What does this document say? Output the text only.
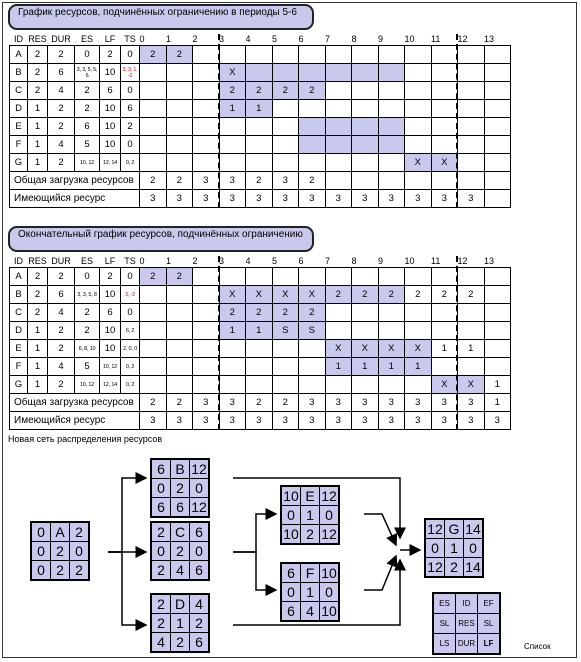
График ресурсов, подчинённых ограничению в периоды 5-6
ID	RES	DUR	ES	LF	TS	0	1	2	3	4	5	6	7	8	9	10	11	12	13
A	2	2	0	2	0	2	2												
B	2	6	3, 3, 5, 5, 6	10	3, 3, 1, -2				X										
C	2	4	2	6	0				2	2	2	2							
D	1	2	2	10	6				1	1									
E	1	2	6	10	2														
F	1	4	5	10	0														
G	1	2	10, 12	12, 14	0, 2											X	X		
Общая загрузка ресурсов						2	2	3	3	2	3	2							
Имеющийся ресурс						3	3	3	3	3	3	3	3	3	3	3	3	3	
Окончательный график ресурсов, подчинённых ограничению
ID	RES	DUR	ES	LF	TS	0	1	2	3	4	5	6	7	8	9	10	11	12	13
A	2	2	0	2	0	2	2												
B	2	6	3, 3, 5, 8	10	3, -2				X	X	X	X	2	2	2	2	2	2	
C	2	4	2	6	0				2	2	2	2							
D	1	2	2	10	6, 2				1	1	S	S							
E	1	2	6, 8, 10	10	2, 0, 0								X	X	X	X	1	1	
F	1	4	5	10, 12	0, 2								1	1	1	1			
G	1	2	10, 12	12, 14	0, 2												X	X	1
Общая загрузка ресурсов						2	2	3	3	2	2	3	3	3	3	3	3	3	1
Имеющийся ресурс						3	3	3	3	3	3	3	3	3	3	3	3	3	3
Новая сеть распределения ресурсов
0 A 2
0 2 0
0 2 2
6 B 12
0 2 0
6 6 12
2 C 6
0 2 0
2 4 6
2 D 4
2 1 2
4 2 6
10 E 12
0 1 0
10 2 12
6 F 10
0 1 0
6 4 10
12 G 14
0 1 0
12 2 14
ES	ID	EF
SL	RES	SL
LS	DUR	LF	Список
